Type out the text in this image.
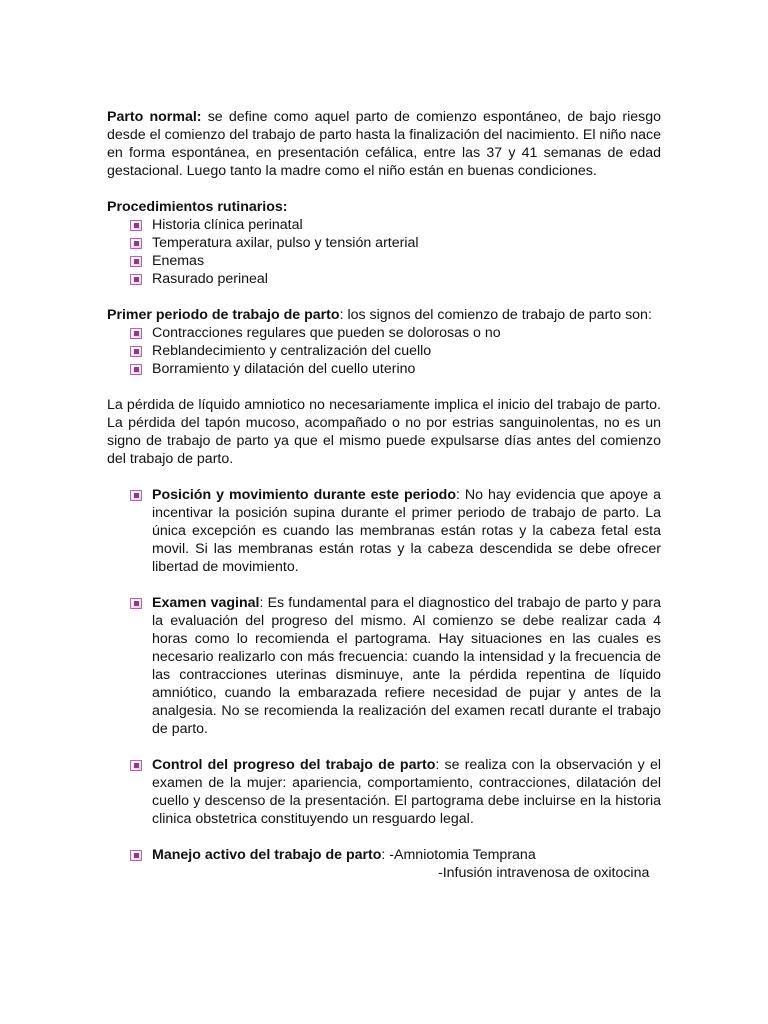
Parto normal: se define como aquel parto de comienzo espontáneo, de bajo riesgo desde el comienzo del trabajo de parto hasta la finalización del nacimiento. El niño nace en forma espontánea, en presentación cefálica, entre las 37 y 41 semanas de edad gestacional. Luego tanto la madre como el niño están en buenas condiciones.

Procedimientos rutinarios:

Historia clínica perinatal
Temperatura axilar, pulso y tensión arterial
Enemas
Rasurado perineal

Primer periodo de trabajo de parto: los signos del comienzo de trabajo de parto son:

Contracciones regulares que pueden se dolorosas o no
Reblandecimiento y centralización del cuello
Borramiento y dilatación del cuello uterino

La pérdida de líquido amniotico no necesariamente implica el inicio del trabajo de parto. La pérdida del tapón mucoso, acompañado o no por estrias sanguinolentas, no es un signo de trabajo de parto ya que el mismo puede expulsarse días antes del comienzo del trabajo de parto.

Posición y movimiento durante este periodo: No hay evidencia que apoye a incentivar la posición supina durante el primer periodo de trabajo de parto. La única excepción es cuando las membranas están rotas y la cabeza fetal esta movil. Si las membranas están rotas y la cabeza descendida se debe ofrecer libertad de movimiento.
Examen vaginal: Es fundamental para el diagnostico del trabajo de parto y para la evaluación del progreso del mismo. Al comienzo se debe realizar cada 4 horas como lo recomienda el partograma. Hay situaciones en las cuales es necesario realizarlo con más frecuencia: cuando la intensidad y la frecuencia de las contracciones uterinas disminuye, ante la pérdida repentina de líquido amniótico, cuando la embarazada refiere necesidad de pujar y antes de la analgesia. No se recomienda la realización del examen recatl durante el trabajo de parto.
Control del progreso del trabajo de parto: se realiza con la observación y el examen de la mujer: apariencia, comportamiento, contracciones, dilatación del cuello y descenso de la presentación. El partograma debe incluirse en la historia clinica obstetrica constituyendo un resguardo legal.
Manejo activo del trabajo de parto: -Amniotomia Temprana
-Infusión intravenosa de oxitocina
